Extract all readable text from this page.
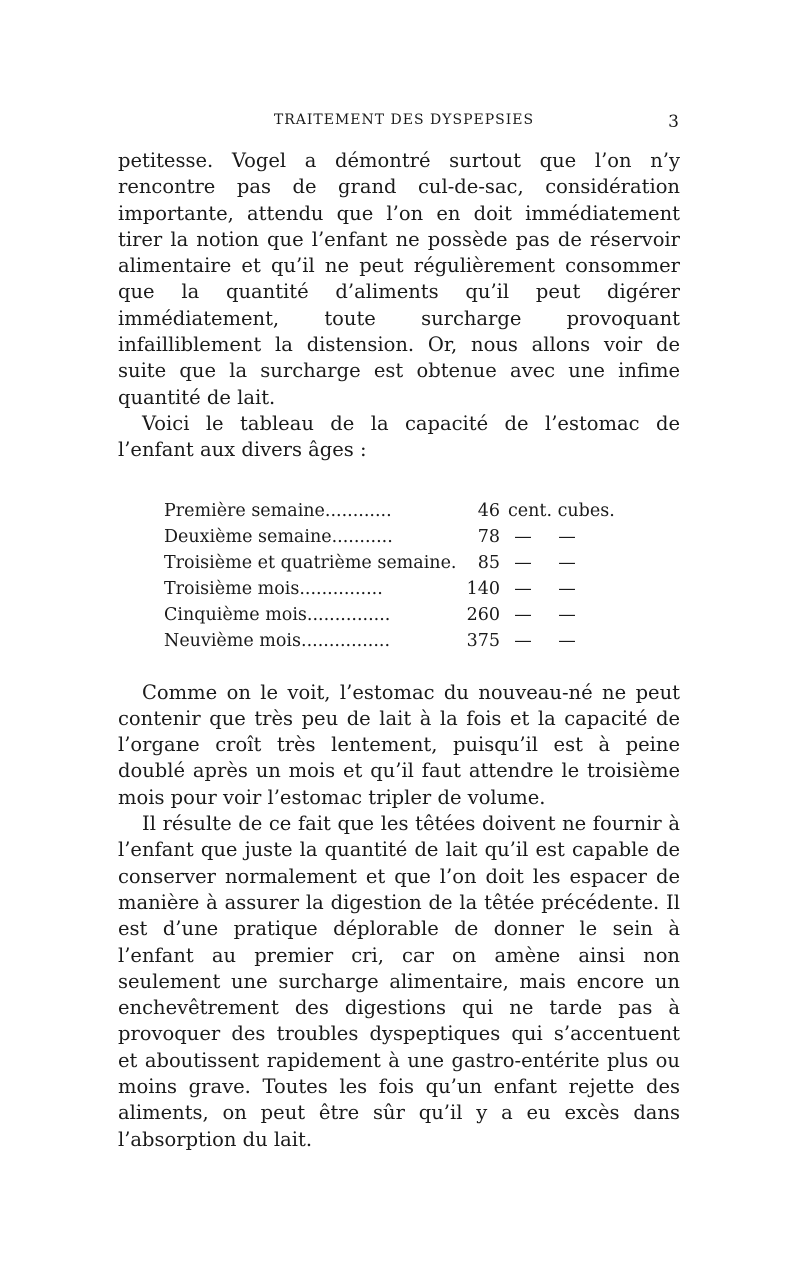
TRAITEMENT DES DYSPEPSIES	3

petitesse. Vogel a démontré surtout que l’on n’y rencontre pas de grand cul-de-sac, considération importante, attendu que l’on en doit immédiatement tirer la notion que l’enfant ne possède pas de réservoir alimentaire et qu’il ne peut régulièrement consommer que la quantité d’aliments qu’il peut digérer immédiatement, toute surcharge provoquant infailliblement la distension. Or, nous allons voir de suite que la surcharge est obtenue avec une infime quantité de lait.

Voici le tableau de la capacité de l’estomac de l’enfant aux divers âges :

Première semaine............	46	cent. cubes.
Deuxième semaine...........	78	— —
Troisième et quatrième semaine.	85	— —
Troisième mois...............	140	— —
Cinquième mois...............	260	— —
Neuvième mois................	375	— —

Comme on le voit, l’estomac du nouveau-né ne peut contenir que très peu de lait à la fois et la capacité de l’organe croît très lentement, puisqu’il est à peine doublé après un mois et qu’il faut attendre le troisième mois pour voir l’estomac tripler de volume.

Il résulte de ce fait que les têtées doivent ne fournir à l’enfant que juste la quantité de lait qu’il est capable de conserver normalement et que l’on doit les espacer de manière à assurer la digestion de la têtée précédente. Il est d’une pratique déplorable de donner le sein à l’enfant au premier cri, car on amène ainsi non seulement une surcharge alimentaire, mais encore un enchevêtrement des digestions qui ne tarde pas à provoquer des troubles dyspeptiques qui s’accentuent et aboutissent rapidement à une gastro-entérite plus ou moins grave. Toutes les fois qu’un enfant rejette des aliments, on peut être sûr qu’il y a eu excès dans l’absorption du lait.
